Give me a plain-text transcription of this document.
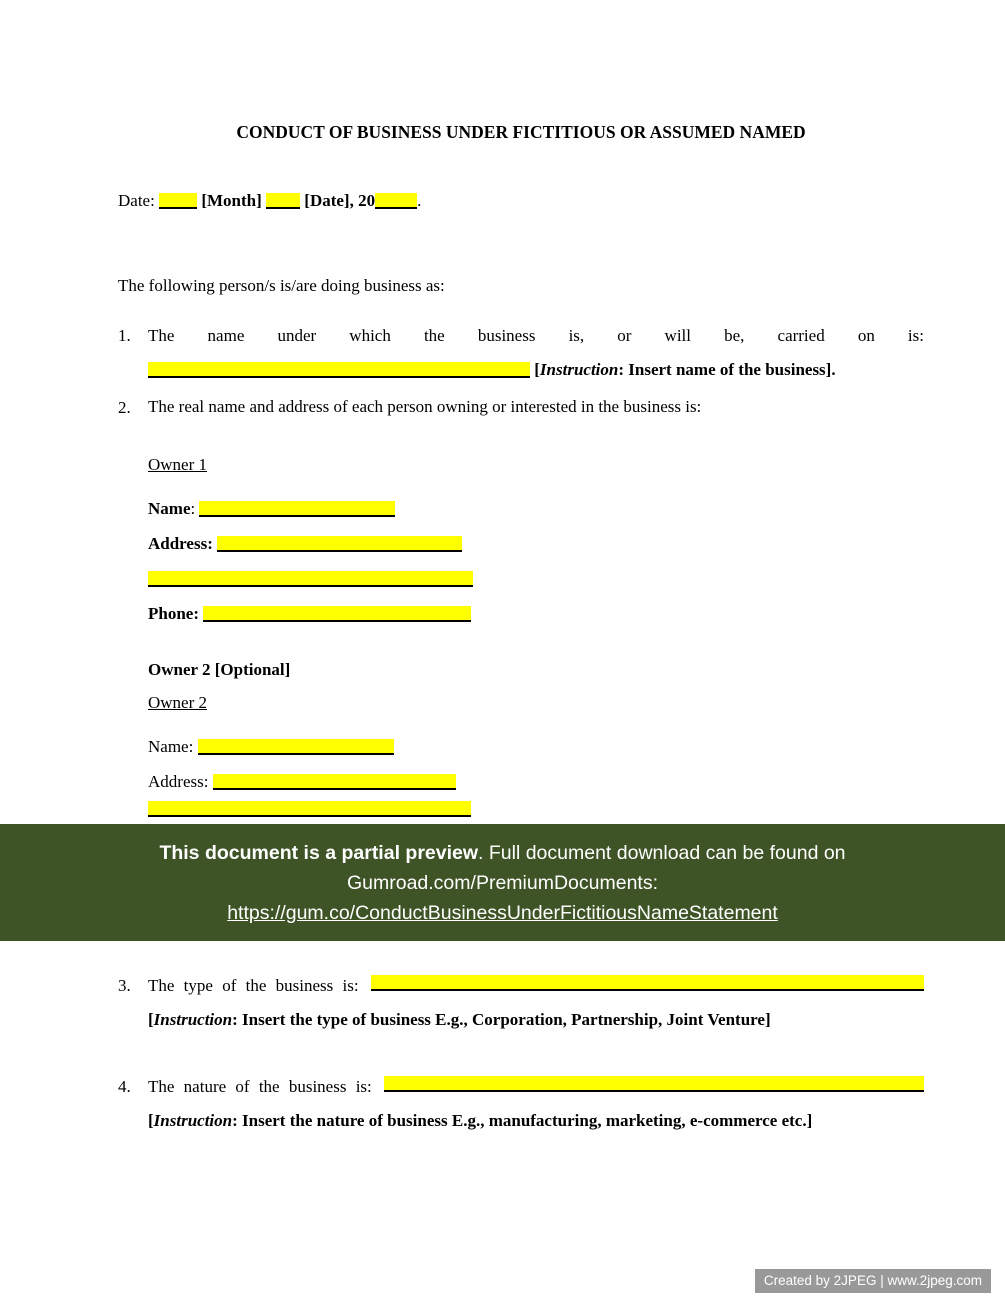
CONDUCT OF BUSINESS UNDER FICTITIOUS OR ASSUMED NAMED
Date:	[Month]	[Date], 20 .

The following person/s is/are doing business as:

1.	The name under which the business is, or will be, carried on is:
[Instruction: Insert name of the business].
2.	The real name and address of each person owning or interested in the business is:
Owner 1
Name:
Address:
Phone:
Owner 2 [Optional]
Owner 2
Name:
Address:
This document is a partial preview. Full document download can be found on
Gumroad.com/PremiumDocuments:
https://gum.co/ConductBusinessUnderFictitiousNameStatement
3.	The type of the business is:
[Instruction: Insert the type of business E.g., Corporation, Partnership, Joint Venture]
4.	The nature of the business is:
[Instruction: Insert the nature of business E.g., manufacturing, marketing, e-commerce etc.]
Created by 2JPEG | www.2jpeg.com
